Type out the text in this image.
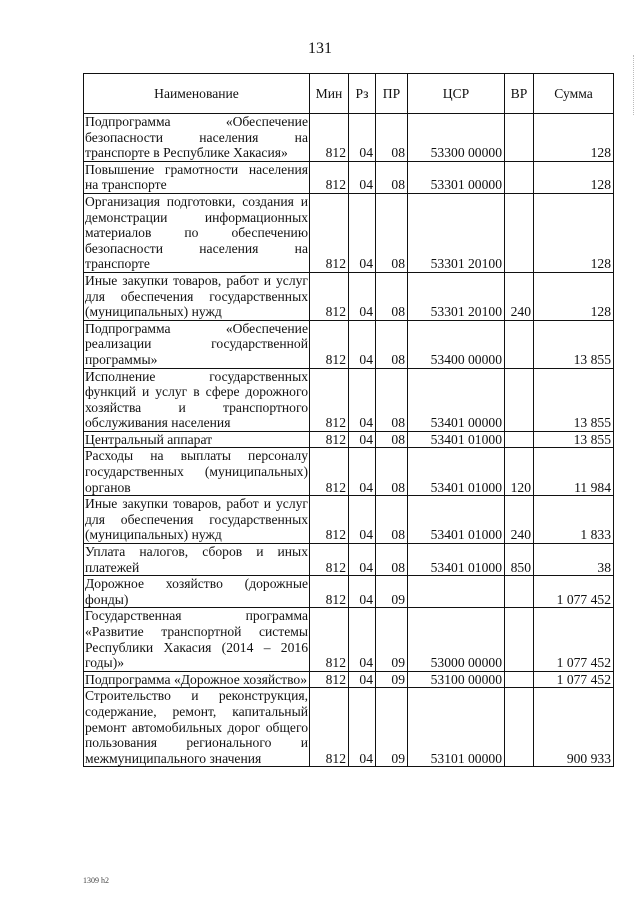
131
Наименование	Мин	Рз	ПР	ЦСР	ВР	Сумма
Подпрограмма «Обеспечение безопасности населения на транспорте в Республике Хакасия»	812	04	08	53300 00000		128
Повышение грамотности населения на транспорте	812	04	08	53301 00000		128
Организация подготовки, создания и демонстрации информационных материалов по обеспечению безопасности населения на транспорте	812	04	08	53301 20100		128
Иные закупки товаров, работ и услуг для обеспечения государственных (муниципальных) нужд	812	04	08	53301 20100	240	128
Подпрограмма «Обеспечение реализации государственной программы»	812	04	08	53400 00000		13 855
Исполнение государственных функций и услуг в сфере дорожного хозяйства и транспортного обслуживания населения	812	04	08	53401 00000		13 855
Центральный аппарат	812	04	08	53401 01000		13 855
Расходы на выплаты персоналу государственных (муниципальных) органов	812	04	08	53401 01000	120	11 984
Иные закупки товаров, работ и услуг для обеспечения государственных (муниципальных) нужд	812	04	08	53401 01000	240	1 833
Уплата налогов, сборов и иных платежей	812	04	08	53401 01000	850	38
Дорожное хозяйство (дорожные фонды)	812	04	09			1 077 452
Государственная программа «Развитие транспортной системы Республики Хакасия (2014 – 2016 годы)»	812	04	09	53000 00000		1 077 452
Подпрограмма «Дорожное хозяйство»	812	04	09	53100 00000		1 077 452
Строительство и реконструкция, содержание, ремонт, капитальный ремонт автомобильных дорог общего пользования регионального и межмуниципального значения	812	04	09	53101 00000		900 933
1309 h2
